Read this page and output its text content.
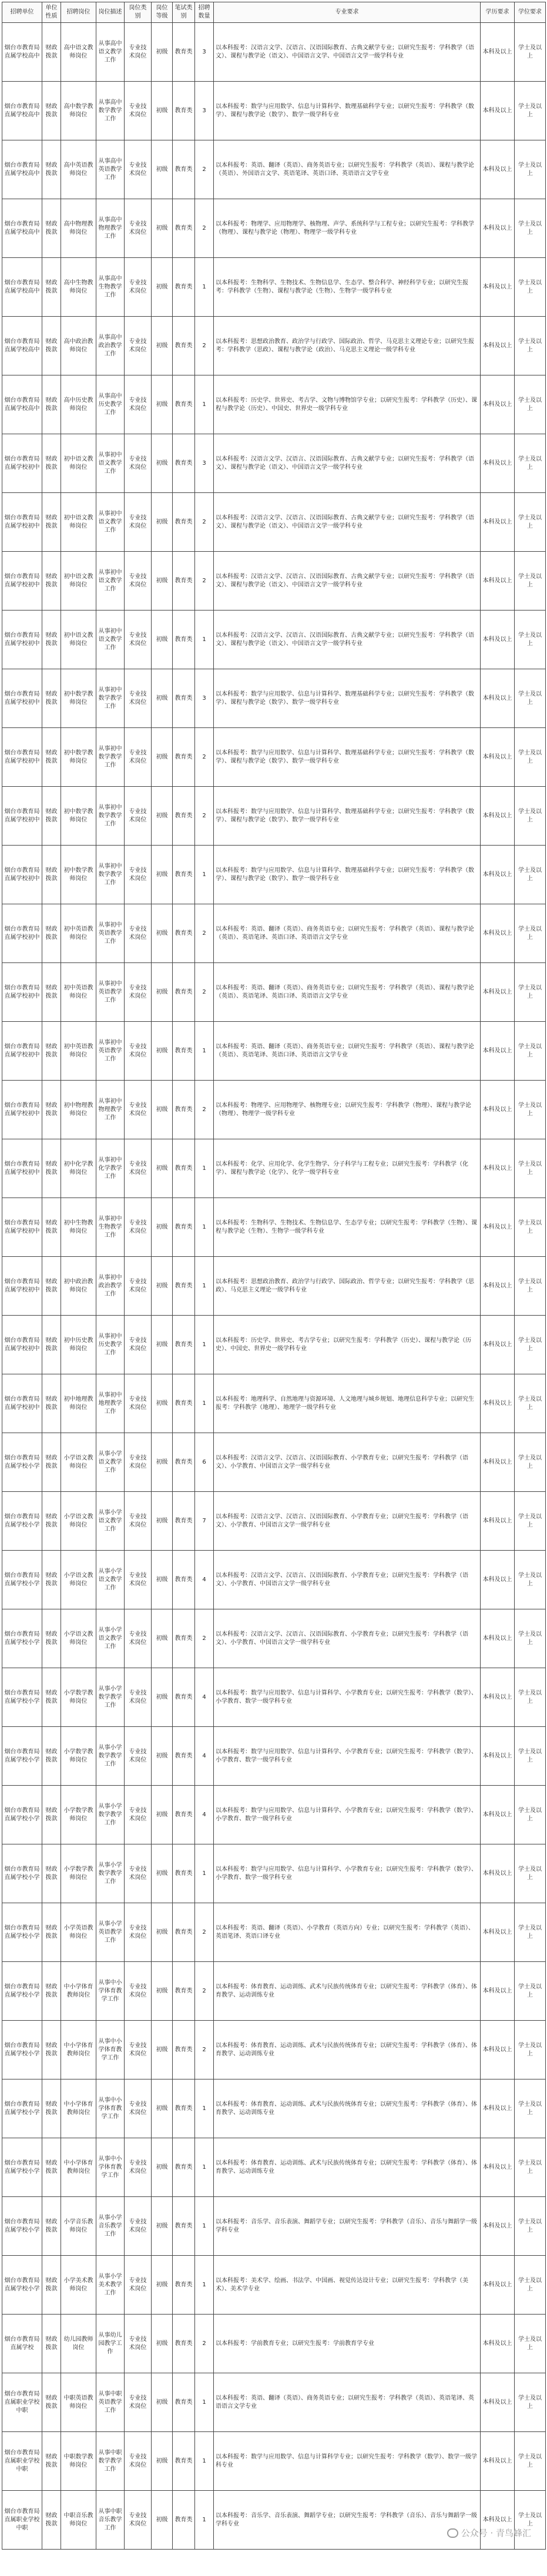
招聘单位	单位性质	招聘岗位	岗位描述	岗位类别	岗位等级	笔试类别	招聘数量	专业要求	学历要求	学位要求
烟台市教育局直属学校高中	财政拨款	高中语文教师岗位	从事高中语文教学工作	专业技术岗位	初级	教育类	3	以本科报考：汉语言文学、汉语言、汉语国际教育、古典文献学专业；以研究生报考：学科教学（语文）、课程与教学论（语文）、中国语言文学、中国语言文学一级学科专业	本科及以上	学士及以上
烟台市教育局直属学校高中	财政拨款	高中数学教师岗位	从事高中数学教学工作	专业技术岗位	初级	教育类	3	以本科报考：数学与应用数学、信息与计算科学、数理基础科学专业；以研究生报考：学科教学（数学）、课程与教学论（数学）、数学一级学科专业	本科及以上	学士及以上
烟台市教育局直属学校高中	财政拨款	高中英语教师岗位	从事高中英语教学工作	专业技术岗位	初级	教育类	2	以本科报考：英语、翻译（英语）、商务英语专业；以研究生报考：学科教学（英语）、课程与教学论（英语）、外国语言文学、英语笔译、英语口译、英语语言文学专业	本科及以上	学士及以上
烟台市教育局直属学校高中	财政拨款	高中物理教师岗位	从事高中物理教学工作	专业技术岗位	初级	教育类	2	以本科报考：物理学、应用物理学、核物理、声学、系统科学与工程专业；以研究生报考：学科教学（物理）、课程与教学论（物理）、物理学一级学科专业	本科及以上	学士及以上
烟台市教育局直属学校高中	财政拨款	高中生物教师岗位	从事高中生物教学工作	专业技术岗位	初级	教育类	1	以本科报考：生物科学、生物技术、生物信息学、生态学、整合科学、神经科学专业；以研究生报考：学科教学（生物）、课程与教学论（生物）、生物学一级学科专业	本科及以上	学士及以上
烟台市教育局直属学校高中	财政拨款	高中政治教师岗位	从事高中政治教学工作	专业技术岗位	初级	教育类	2	以本科报考：思想政治教育、政治学与行政学、国际政治、哲学、马克思主义理论专业；以研究生报考：学科教学（思政）、课程与教学论（政治）、马克思主义理论一级学科专业	本科及以上	学士及以上
烟台市教育局直属学校高中	财政拨款	高中历史教师岗位	从事高中历史教学工作	专业技术岗位	初级	教育类	1	以本科报考：历史学、世界史、考古学、文物与博物馆学专业；以研究生报考：学科教学（历史）、课程与教学论（历史）、中国史、世界史一级学科专业	本科及以上	学士及以上
烟台市教育局直属学校初中	财政拨款	初中语文教师岗位	从事初中语文教学工作	专业技术岗位	初级	教育类	3	以本科报考：汉语言文学、汉语言、汉语国际教育、古典文献学专业；以研究生报考：学科教学（语文）、课程与教学论（语文）、中国语言文学一级学科专业	本科及以上	学士及以上
烟台市教育局直属学校初中	财政拨款	初中语文教师岗位	从事初中语文教学工作	专业技术岗位	初级	教育类	2	以本科报考：汉语言文学、汉语言、汉语国际教育、古典文献学专业；以研究生报考：学科教学（语文）、课程与教学论（语文）、中国语言文学一级学科专业	本科及以上	学士及以上
烟台市教育局直属学校初中	财政拨款	初中语文教师岗位	从事初中语文教学工作	专业技术岗位	初级	教育类	2	以本科报考：汉语言文学、汉语言、汉语国际教育、古典文献学专业；以研究生报考：学科教学（语文）、课程与教学论（语文）、中国语言文学一级学科专业	本科及以上	学士及以上
烟台市教育局直属学校初中	财政拨款	初中语文教师岗位	从事初中语文教学工作	专业技术岗位	初级	教育类	1	以本科报考：汉语言文学、汉语言、汉语国际教育、古典文献学专业；以研究生报考：学科教学（语文）、课程与教学论（语文）、中国语言文学一级学科专业	本科及以上	学士及以上
烟台市教育局直属学校初中	财政拨款	初中数学教师岗位	从事初中数学教学工作	专业技术岗位	初级	教育类	3	以本科报考：数学与应用数学、信息与计算科学、数理基础科学专业；以研究生报考：学科教学（数学）、课程与教学论（数学）、数学一级学科专业	本科及以上	学士及以上
烟台市教育局直属学校初中	财政拨款	初中数学教师岗位	从事初中数学教学工作	专业技术岗位	初级	教育类	2	以本科报考：数学与应用数学、信息与计算科学、数理基础科学专业；以研究生报考：学科教学（数学）、课程与教学论（数学）、数学一级学科专业	本科及以上	学士及以上
烟台市教育局直属学校初中	财政拨款	初中数学教师岗位	从事初中数学教学工作	专业技术岗位	初级	教育类	2	以本科报考：数学与应用数学、信息与计算科学、数理基础科学专业；以研究生报考：学科教学（数学）、课程与教学论（数学）、数学一级学科专业	本科及以上	学士及以上
烟台市教育局直属学校初中	财政拨款	初中数学教师岗位	从事初中数学教学工作	专业技术岗位	初级	教育类	1	以本科报考：数学与应用数学、信息与计算科学、数理基础科学专业；以研究生报考：学科教学（数学）、课程与教学论（数学）、数学一级学科专业	本科及以上	学士及以上
烟台市教育局直属学校初中	财政拨款	初中英语教师岗位	从事初中英语教学工作	专业技术岗位	初级	教育类	2	以本科报考：英语、翻译（英语）、商务英语专业；以研究生报考：学科教学（英语）、课程与教学论（英语）、英语笔译、英语口译、英语语言文学专业	本科及以上	学士及以上
烟台市教育局直属学校初中	财政拨款	初中英语教师岗位	从事初中英语教学工作	专业技术岗位	初级	教育类	2	以本科报考：英语、翻译（英语）、商务英语专业；以研究生报考：学科教学（英语）、课程与教学论（英语）、英语笔译、英语口译、英语语言文学专业	本科及以上	学士及以上
烟台市教育局直属学校初中	财政拨款	初中英语教师岗位	从事初中英语教学工作	专业技术岗位	初级	教育类	1	以本科报考：英语、翻译（英语）、商务英语专业；以研究生报考：学科教学（英语）、课程与教学论（英语）、英语笔译、英语口译、英语语言文学专业	本科及以上	学士及以上
烟台市教育局直属学校初中	财政拨款	初中物理教师岗位	从事初中物理教学工作	专业技术岗位	初级	教育类	2	以本科报考：物理学、应用物理学、核物理专业；以研究生报考：学科教学（物理）、课程与教学论（物理）、物理学一级学科专业	本科及以上	学士及以上
烟台市教育局直属学校初中	财政拨款	初中化学教师岗位	从事初中化学教学工作	专业技术岗位	初级	教育类	1	以本科报考：化学、应用化学、化学生物学、分子科学与工程专业；以研究生报考：学科教学（化学）、课程与教学论（化学）、化学一级学科专业	本科及以上	学士及以上
烟台市教育局直属学校初中	财政拨款	初中生物教师岗位	从事初中生物教学工作	专业技术岗位	初级	教育类	1	以本科报考：生物科学、生物技术、生物信息学、生态学专业；以研究生报考：学科教学（生物）、课程与教学论（生物）、生物学一级学科专业	本科及以上	学士及以上
烟台市教育局直属学校初中	财政拨款	初中政治教师岗位	从事初中政治教学工作	专业技术岗位	初级	教育类	1	以本科报考：思想政治教育、政治学与行政学、国际政治、哲学专业；以研究生报考：学科教学（思政）、马克思主义理论一级学科专业	本科及以上	学士及以上
烟台市教育局直属学校初中	财政拨款	初中历史教师岗位	从事初中历史教学工作	专业技术岗位	初级	教育类	1	以本科报考：历史学、世界史、考古学专业；以研究生报考：学科教学（历史）、课程与教学论（历史）、中国史、世界史一级学科专业	本科及以上	学士及以上
烟台市教育局直属学校初中	财政拨款	初中地理教师岗位	从事初中地理教学工作	专业技术岗位	初级	教育类	1	以本科报考：地理科学、自然地理与资源环境、人文地理与城乡规划、地理信息科学专业；以研究生报考：学科教学（地理）、地理学一级学科专业	本科及以上	学士及以上
烟台市教育局直属学校小学	财政拨款	小学语文教师岗位	从事小学语文教学工作	专业技术岗位	初级	教育类	6	以本科报考：汉语言文学、汉语言、汉语国际教育、小学教育专业；以研究生报考：学科教学（语文）、小学教育、中国语言文学一级学科专业	本科及以上	学士及以上
烟台市教育局直属学校小学	财政拨款	小学语文教师岗位	从事小学语文教学工作	专业技术岗位	初级	教育类	7	以本科报考：汉语言文学、汉语言、汉语国际教育、小学教育专业；以研究生报考：学科教学（语文）、小学教育、中国语言文学一级学科专业	本科及以上	学士及以上
烟台市教育局直属学校小学	财政拨款	小学语文教师岗位	从事小学语文教学工作	专业技术岗位	初级	教育类	4	以本科报考：汉语言文学、汉语言、汉语国际教育、小学教育专业；以研究生报考：学科教学（语文）、小学教育、中国语言文学一级学科专业	本科及以上	学士及以上
烟台市教育局直属学校小学	财政拨款	小学语文教师岗位	从事小学语文教学工作	专业技术岗位	初级	教育类	2	以本科报考：汉语言文学、汉语言、汉语国际教育、小学教育专业；以研究生报考：学科教学（语文）、小学教育、中国语言文学一级学科专业	本科及以上	学士及以上
烟台市教育局直属学校小学	财政拨款	小学数学教师岗位	从事小学数学教学工作	专业技术岗位	初级	教育类	4	以本科报考：数学与应用数学、信息与计算科学、小学教育专业；以研究生报考：学科教学（数学）、小学教育、数学一级学科专业	本科及以上	学士及以上
烟台市教育局直属学校小学	财政拨款	小学数学教师岗位	从事小学数学教学工作	专业技术岗位	初级	教育类	4	以本科报考：数学与应用数学、信息与计算科学、小学教育专业；以研究生报考：学科教学（数学）、小学教育、数学一级学科专业	本科及以上	学士及以上
烟台市教育局直属学校小学	财政拨款	小学数学教师岗位	从事小学数学教学工作	专业技术岗位	初级	教育类	4	以本科报考：数学与应用数学、信息与计算科学、小学教育专业；以研究生报考：学科教学（数学）、小学教育、数学一级学科专业	本科及以上	学士及以上
烟台市教育局直属学校小学	财政拨款	小学数学教师岗位	从事小学数学教学工作	专业技术岗位	初级	教育类	1	以本科报考：数学与应用数学、信息与计算科学、小学教育专业；以研究生报考：学科教学（数学）、小学教育、数学一级学科专业	本科及以上	学士及以上
烟台市教育局直属学校小学	财政拨款	小学英语教师岗位	从事小学英语教学工作	专业技术岗位	初级	教育类	2	以本科报考：英语、翻译（英语）、小学教育（英语方向）专业；以研究生报考：学科教学（英语）、英语笔译、英语口译专业	本科及以上	学士及以上
烟台市教育局直属学校小学	财政拨款	中小学体育教师岗位	从事中小学体育教学工作	专业技术岗位	初级	教育类	2	以本科报考：体育教育、运动训练、武术与民族传统体育专业；以研究生报考：学科教学（体育）、体育教学、运动训练专业	本科及以上	学士及以上
烟台市教育局直属学校小学	财政拨款	中小学体育教师岗位	从事中小学体育教学工作	专业技术岗位	初级	教育类	2	以本科报考：体育教育、运动训练、武术与民族传统体育专业；以研究生报考：学科教学（体育）、体育教学、运动训练专业	本科及以上	学士及以上
烟台市教育局直属学校小学	财政拨款	中小学体育教师岗位	从事中小学体育教学工作	专业技术岗位	初级	教育类	1	以本科报考：体育教育、运动训练、武术与民族传统体育专业；以研究生报考：学科教学（体育）、体育教学、运动训练专业	本科及以上	学士及以上
烟台市教育局直属学校小学	财政拨款	中小学体育教师岗位	从事中小学体育教学工作	专业技术岗位	初级	教育类	1	以本科报考：体育教育、运动训练、武术与民族传统体育专业；以研究生报考：学科教学（体育）、体育教学、运动训练专业	本科及以上	学士及以上
烟台市教育局直属学校小学	财政拨款	小学音乐教师岗位	从事小学音乐教学工作	专业技术岗位	初级	教育类	1	以本科报考：音乐学、音乐表演、舞蹈学专业；以研究生报考：学科教学（音乐）、音乐与舞蹈学一级学科专业	本科及以上	学士及以上
烟台市教育局直属学校小学	财政拨款	小学美术教师岗位	从事小学美术教学工作	专业技术岗位	初级	教育类	1	以本科报考：美术学、绘画、书法学、中国画、视觉传达设计专业；以研究生报考：学科教学（美术）、美术学专业	本科及以上	学士及以上
烟台市教育局直属学校	财政拨款	幼儿园教师岗位	从事幼儿园教学工作	专业技术岗位	初级	教育类	2	以本科报考：学前教育专业；以研究生报考：学前教育学专业	本科及以上	学士及以上
烟台市教育局直属职业学校中职	财政拨款	中职英语教师岗位	从事中职英语教学工作	专业技术岗位	初级	教育类	1	以本科报考：英语、翻译（英语）、商务英语专业；以研究生报考：学科教学（英语）、英语笔译、英语语言文学专业	本科及以上	学士及以上
烟台市教育局直属职业学校中职	财政拨款	中职数学教师岗位	从事中职数学教学工作	专业技术岗位	初级	教育类	1	以本科报考：数学与应用数学、信息与计算科学专业；以研究生报考：学科教学（数学）、数学一级学科专业	本科及以上	学士及以上
烟台市教育局直属职业学校中职	财政拨款	中职音乐教师岗位	从事中职音乐教学工作	专业技术岗位	初级	教育类	1	以本科报考：音乐学、音乐表演、舞蹈学专业；以研究生报考：学科教学（音乐）、音乐与舞蹈学一级学科专业	本科及以上	学士及以上
公众号 · 青鸟蜂汇
